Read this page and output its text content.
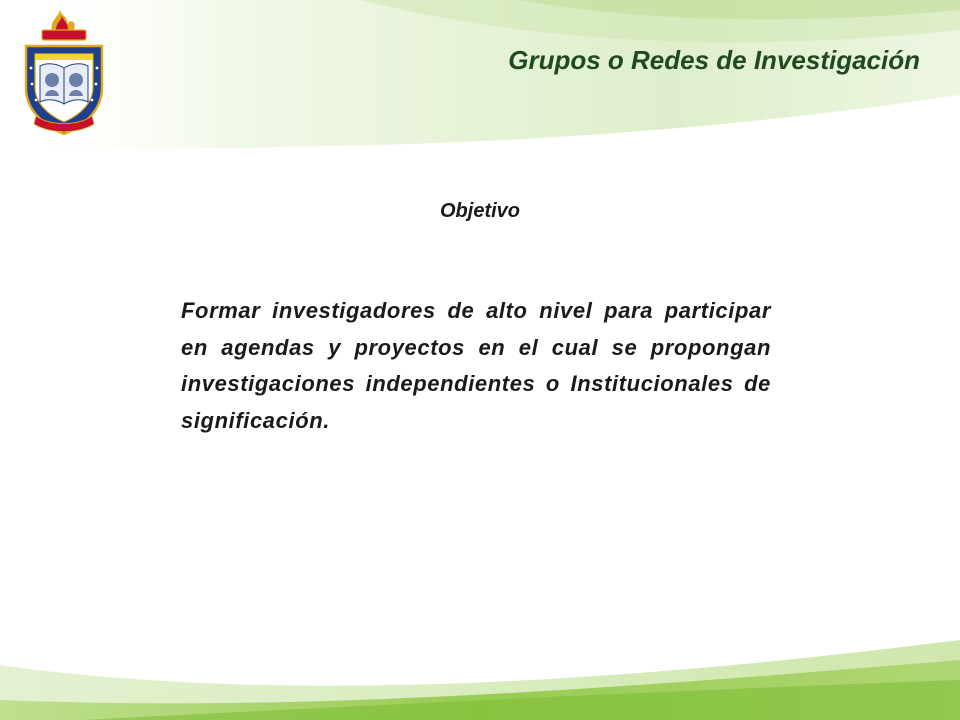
Grupos o Redes de Investigación
Objetivo
Formar investigadores de alto nivel para participar en agendas y proyectos en el cual se propongan investigaciones independientes o Institucionales de significación.
